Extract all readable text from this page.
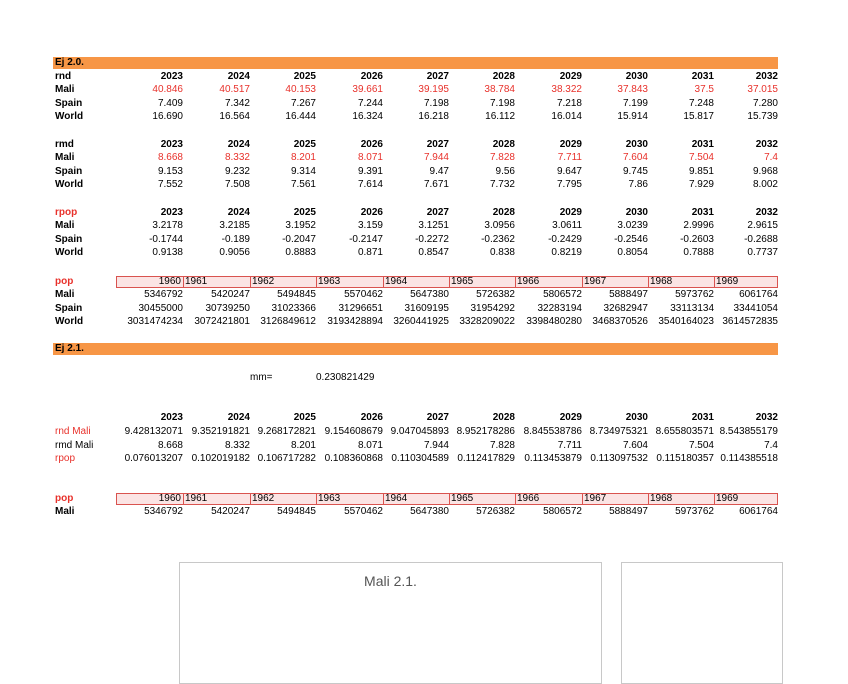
Ej 2.0.
Ej 2.1.
mm=	0.230821429
Mali 2.1.
rnd	2023	2024	2025	2026	2027	2028	2029	2030	2031	2032
Mali	40.846	40.517	40.153	39.661	39.195	38.784	38.322	37.843	37.5	37.015
Spain	7.409	7.342	7.267	7.244	7.198	7.198	7.218	7.199	7.248	7.280
World	16.690	16.564	16.444	16.324	16.218	16.112	16.014	15.914	15.817	15.739
rmd	2023	2024	2025	2026	2027	2028	2029	2030	2031	2032
Mali	8.668	8.332	8.201	8.071	7.944	7.828	7.711	7.604	7.504	7.4
Spain	9.153	9.232	9.314	9.391	9.47	9.56	9.647	9.745	9.851	9.968
World	7.552	7.508	7.561	7.614	7.671	7.732	7.795	7.86	7.929	8.002
rpop	2023	2024	2025	2026	2027	2028	2029	2030	2031	2032
Mali	3.2178	3.2185	3.1952	3.159	3.1251	3.0956	3.0611	3.0239	2.9996	2.9615
Spain	-0.1744	-0.189	-0.2047	-0.2147	-0.2272	-0.2362	-0.2429	-0.2546	-0.2603	-0.2688
World	0.9138	0.9056	0.8883	0.871	0.8547	0.838	0.8219	0.8054	0.7888	0.7737
pop	1960 1961	1962	1963	1964	1965	1966	1967	1968	1969
Mali	5346792	5420247	5494845	5570462	5647380	5726382	5806572	5888497	5973762	6061764
Spain	30455000	30739250	31023366	31296651	31609195	31954292	32283194	32682947	33113134	33441054
World	3031474234	3072421801	3126849612	3193428894	3260441925	3328209022	3398480280	3468370526	3540164023 3614572835
2023	2024	2025	2026	2027	2028	2029	2030	2031	2032
rnd Mali	9.428132071 9.352191821 9.268172821 9.154608679 9.047045893 8.952178286 8.845538786 8.734975321 8.655803571 8.543855179
rmd Mali	8.668	8.332	8.201	8.071	7.944	7.828	7.711	7.604	7.504	7.4
rpop	0.076013207 0.102019182 0.106717282 0.108360868 0.110304589 0.112417829 0.113453879 0.113097532 0.115180357 0.114385518
pop	1960 1961	1962	1963	1964	1965	1966	1967	1968	1969
Mali	5346792	5420247	5494845	5570462	5647380	5726382	5806572	5888497	5973762	6061764
